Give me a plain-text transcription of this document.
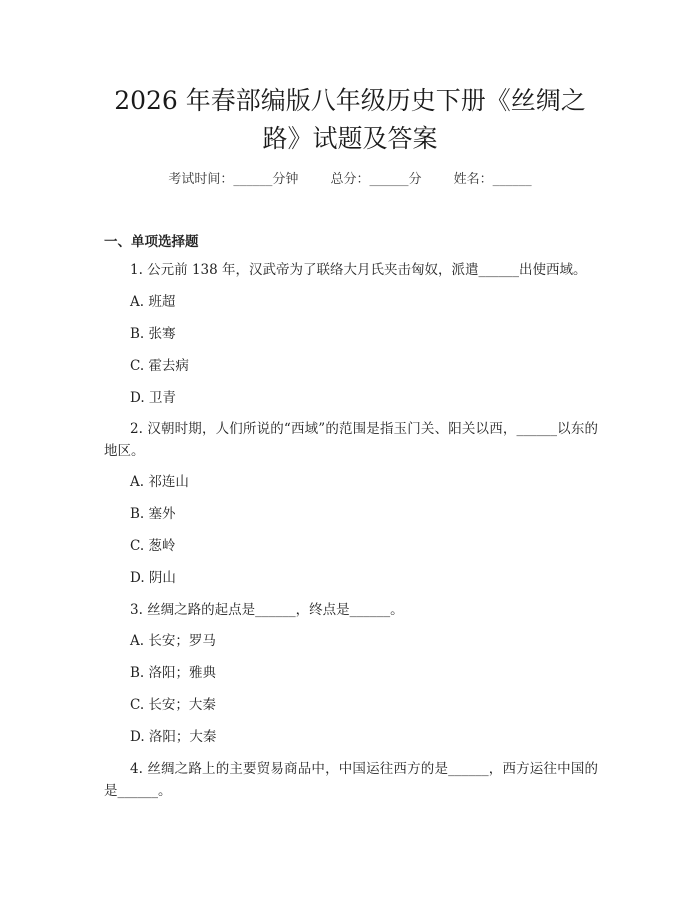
2026 年春部编版八年级历史下册《丝绸之
路》试题及答案
考试时间：______分钟 总分：______分 姓名：______
一、单项选择题
1. 公元前 138 年，汉武帝为了联络大月氏夹击匈奴，派遣______出使西域。
A. 班超
B. 张骞
C. 霍去病
D. 卫青
2. 汉朝时期，人们所说的“西域”的范围是指玉门关、阳关以西，______以东的地区。
A. 祁连山
B. 塞外
C. 葱岭
D. 阴山
3. 丝绸之路的起点是______，终点是______。
A. 长安；罗马
B. 洛阳；雅典
C. 长安；大秦
D. 洛阳；大秦
4. 丝绸之路上的主要贸易商品中，中国运往西方的是______，西方运往中国的是______。
